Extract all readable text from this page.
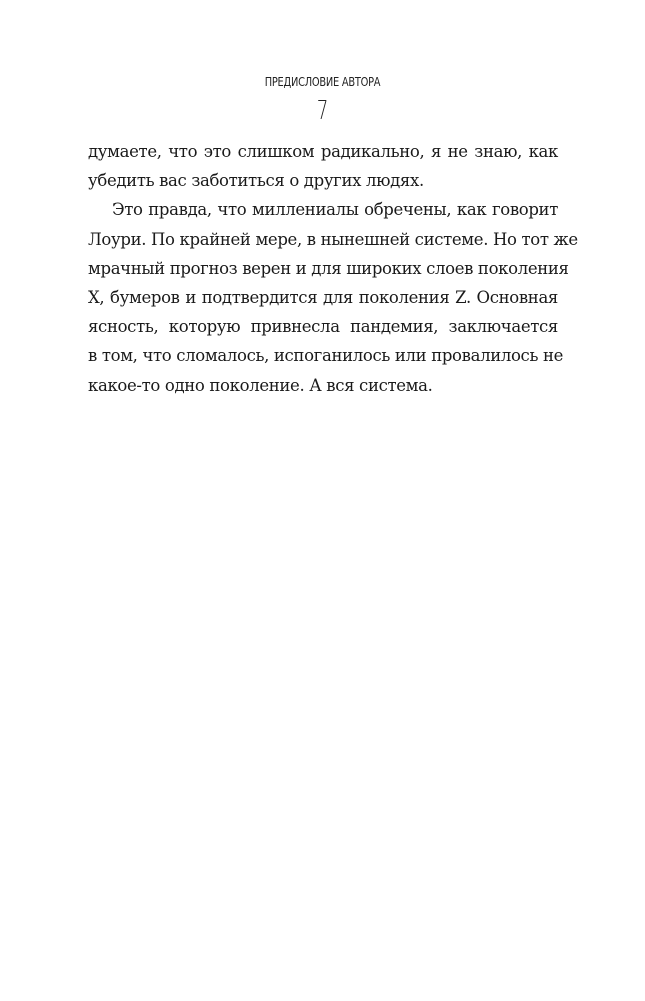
ПРЕДИСЛОВИЕ АВТОРА
7

думаете, что это слишком радикально, я не знаю, как
убедить вас заботиться о других людях.

Это правда, что миллениалы обречены, как говорит
Лоури. По крайней мере, в нынешней системе. Но тот же
мрачный прогноз верен и для широких слоев поколения
X, бумеров и подтвердится для поколения Z. Основная
ясность, которую привнесла пандемия, заключается
в том, что сломалось, испоганилось или провалилось не
какое-то одно поколение. А вся система.
